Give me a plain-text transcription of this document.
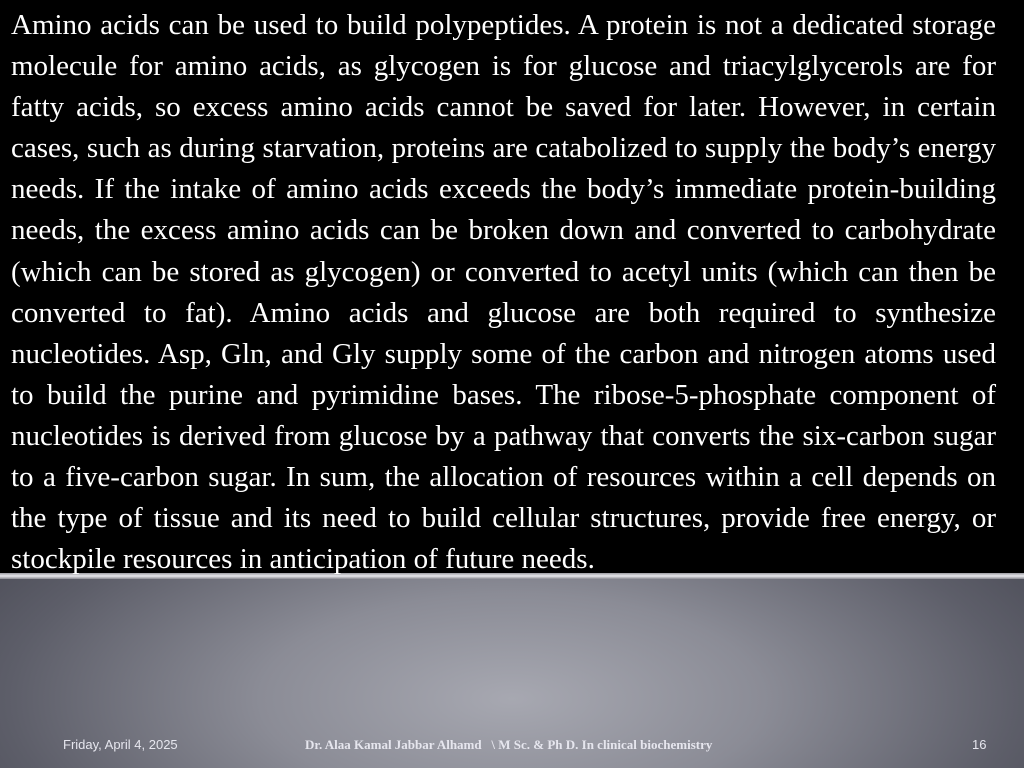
Amino acids can be used to build polypeptides. A protein is not a dedicated storage molecule for amino acids, as glycogen is for glucose and triacylglycerols are for fatty acids, so excess amino acids cannot be saved for later. However, in certain cases, such as during starvation, proteins are catabolized to supply the body’s energy needs. If the intake of amino acids exceeds the body’s immediate protein-building needs, the excess amino acids can be broken down and converted to carbohydrate (which can be stored as glycogen) or converted to acetyl units (which can then be converted to fat). Amino acids and glucose are both required to synthesize nucleotides. Asp, Gln, and Gly supply some of the carbon and nitrogen atoms used to build the purine and pyrimidine bases. The ribose-5-phosphate component of nucleotides is derived from glucose by a pathway that converts the six-carbon sugar to a five-carbon sugar. In sum, the allocation of resources within a cell depends on the type of tissue and its need to build cellular structures, provide free energy, or stockpile resources in anticipation of future needs.

Friday, April 4, 2025	Dr. Alaa Kamal Jabbar Alhamd   \ M Sc. & Ph D. In clinical biochemistry	16
